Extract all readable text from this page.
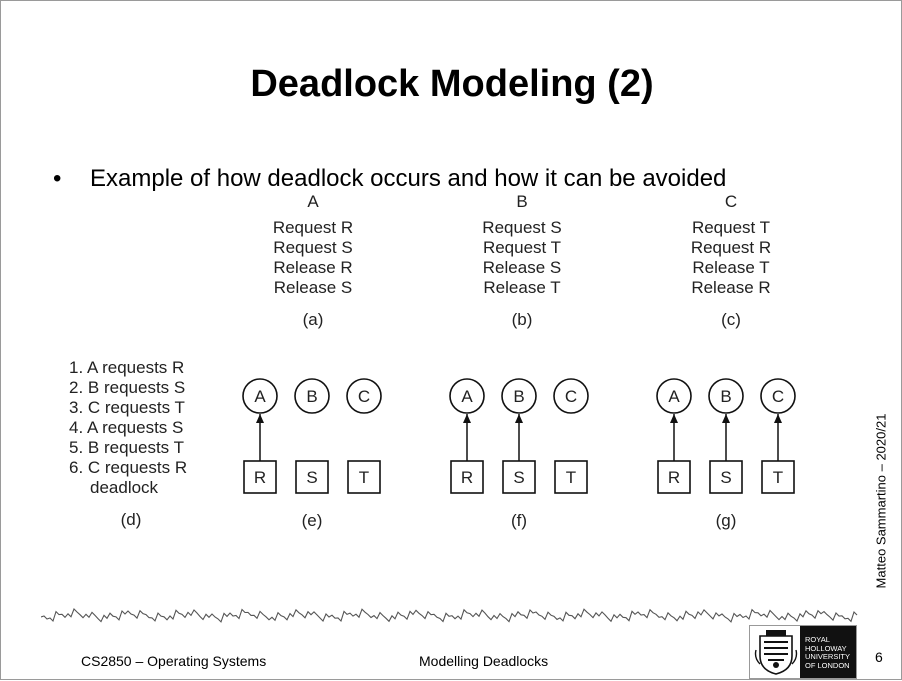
Deadlock Modeling (2)
• Example of how deadlock occurs and how it can be avoided
A
Request R
Request S
Release R
Release S
(a)
B
Request S
Request T
Release S
Release T
(b)
C
Request T
Request R
Release T
Release R
(c)
1. A requests R
2. B requests S
3. C requests T
4. A requests S
5. B requests T
6. C requests R
deadlock
(d)
A B C
R S T
(e)
A B C
R S T
(f)
A B C
R S T
(g)	Matteo Sammartino – 2020/21
CS2850 – Operating Systems	Modelling Deadlocks
ROYAL
HOLLOWAY
UNIVERSITY
OF LONDON	6
